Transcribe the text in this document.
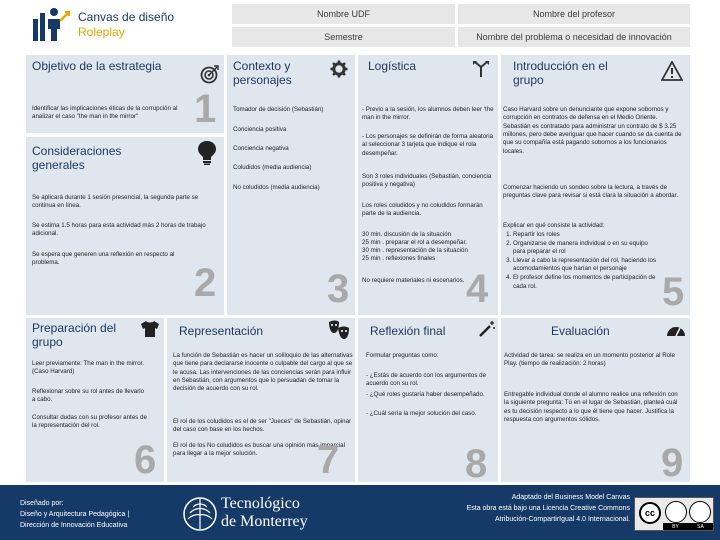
Canvas de diseño
Roleplay
Nombre UDF	Nombre del profesor
Semestre	Nombre del problema o necesidad de innovación
Objetivo de la estrategia
Identificar las implicaciones éticas de la corrupción al analizar el caso "the man in the mirror"	1
Consideraciones generales
Se aplicará durante 1 sesión presencial, la segunda parte se continua en línea.
Se estima 1.5 horas para esta actividad más 2 horas de trabajo adicional.
Se espera que generen una reflexión en respecto al problema.	2
Contexto y personajes
Tomador de decisión (Sebastián)
Conciencia positiva
Conciencia negativa
Coludidos (media audiencia)
No coludidos (media audiencia)
3
Logística
- Previo a la sesión, los alumnos deben leer 'the man in the mirror.
- Los personajes se definirán de forma aleatoria al seleccionar 3 tarjeta que indique el rola desempeñar.
Son 3 roles individuales (Sebastián, conciencia positiva y negativa)
Los roles coludidos y no coludidos formarán parte de la audiencia.
30 min. discusión de la situación
25 min . preparar el rol a desempeñar.
30 min . representación de la situación
25 min . reflexiones finales
No requiere materiales ni escenarios. 4
Introducción en el grupo
Caso Harvard sobre un denunciante que expone sobornos y corrupción en contratos de defensa en el Medio Oriente. Sebastián es contratado para administrar un contrato de $ 3.25 millones, pero debe averiguar que hacer cuando se da cuenta de que su compañía está pagando sobornos a los funcionarios locales.
Comenzar haciendo un sondeo sobre la lectura, a través de preguntas clave para revisar si está clara la situación a abordar.
Explicar en qué consiste la actividad:
1. Repartir los roles
2. Organizarse de manera individual o en su equipo para preparar el rol
3. Llevar a cabo la representación del rol, haciendo los acomodamientos que harían el personaje
4. El profesor define los momentos de participación de cada rol.	5
Preparación del grupo
Leer previamente: The man in the mirror. (Caso Harvard)
Reflexionar sobre su rol antes de llevarlo a cabo.
Consultar dudas con su profesor antes de la representación del rol.
6
Representación
La función de Sebastián es hacer un soliloquio de las alternativas que tiene para declararse inocente o culpable del cargo al que se le acusa. Las intervenciones de las conciencias serán para influir en Sebastián, con argumentos que lo persuadan de tomar la decisión de acuerdo con su rol.
El rol de los coludidos es el de ser "Jueces" de Sebastián, opinar del caso con base en los hechos.
El rol de los No coludidos es buscar una opinión más imparcial para llegar a la mejor solución.	7
Reflexión final
Formular preguntas como:
- ¿Estás de acuerdo con los argumentos de acuerdo con su rol.
- ¿Qué roles gustaría haber desempeñado.
- ¿Cuál sería la mejor solución del caso.
8
Evaluación
Actividad de tarea: se realiza en un momento posterior al Role Play. (tiempo de realización: 2 horas)
Entregable individual donde el alumno realice una reflexión con la siguiente pregunta: Tú en el lugar de Sebastián, planteá cuál es tu decisión respecto a lo que él tiene que hacer. Justifica la respuesta con argumentos sólidos.
9
Diseñado por:
Diseño y Arquitectura Pedagógica |
Dirección de Innovación Educativa
Tecnológico
de Monterrey
Adaptado del Business Model Canvas
Esta obra está bajo una Licencia Creative Commons
Atribución-CompartirIgual 4.0 Internacional.
cc
BY	SA
